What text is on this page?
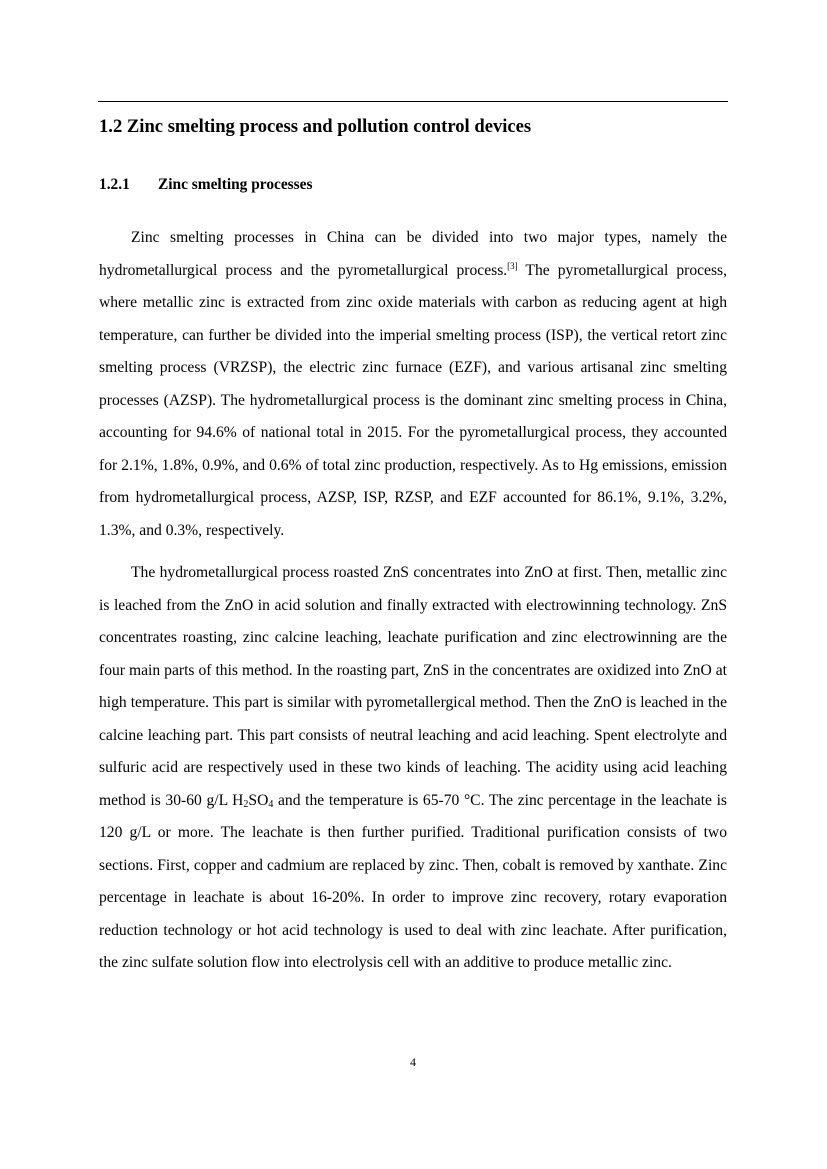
1.2 Zinc smelting process and pollution control devices
1.2.1 Zinc smelting processes

Zinc smelting processes in China can be divided into two major types, namely the hydrometallurgical process and the pyrometallurgical process.[3] The pyrometallurgical process, where metallic zinc is extracted from zinc oxide materials with carbon as reducing agent at high temperature, can further be divided into the imperial smelting process (ISP), the vertical retort zinc smelting process (VRZSP), the electric zinc furnace (EZF), and various artisanal zinc smelting processes (AZSP). The hydrometallurgical process is the dominant zinc smelting process in China, accounting for 94.6% of national total in 2015. For the pyrometallurgical process, they accounted for 2.1%, 1.8%, 0.9%, and 0.6% of total zinc production, respectively. As to Hg emissions, emission from hydrometallurgical process, AZSP, ISP, RZSP, and EZF accounted for 86.1%, 9.1%, 3.2%, 1.3%, and 0.3%, respectively.

The hydrometallurgical process roasted ZnS concentrates into ZnO at first. Then, metallic zinc is leached from the ZnO in acid solution and finally extracted with electrowinning technology. ZnS concentrates roasting, zinc calcine leaching, leachate purification and zinc electrowinning are the four main parts of this method. In the roasting part, ZnS in the concentrates are oxidized into ZnO at high temperature. This part is similar with pyrometallergical method. Then the ZnO is leached in the calcine leaching part. This part consists of neutral leaching and acid leaching. Spent electrolyte and sulfuric acid are respectively used in these two kinds of leaching. The acidity using acid leaching method is 30-60 g/L $H_2SO_4$ and the temperature is 65-70 °C. The zinc percentage in the leachate is 120 g/L or more. The leachate is then further purified. Traditional purification consists of two sections. First, copper and cadmium are replaced by zinc. Then, cobalt is removed by xanthate. Zinc percentage in leachate is about 16-20%. In order to improve zinc recovery, rotary evaporation reduction technology or hot acid technology is used to deal with zinc leachate. After purification, the zinc sulfate solution flow into electrolysis cell with an additive to produce metallic zinc.

4
